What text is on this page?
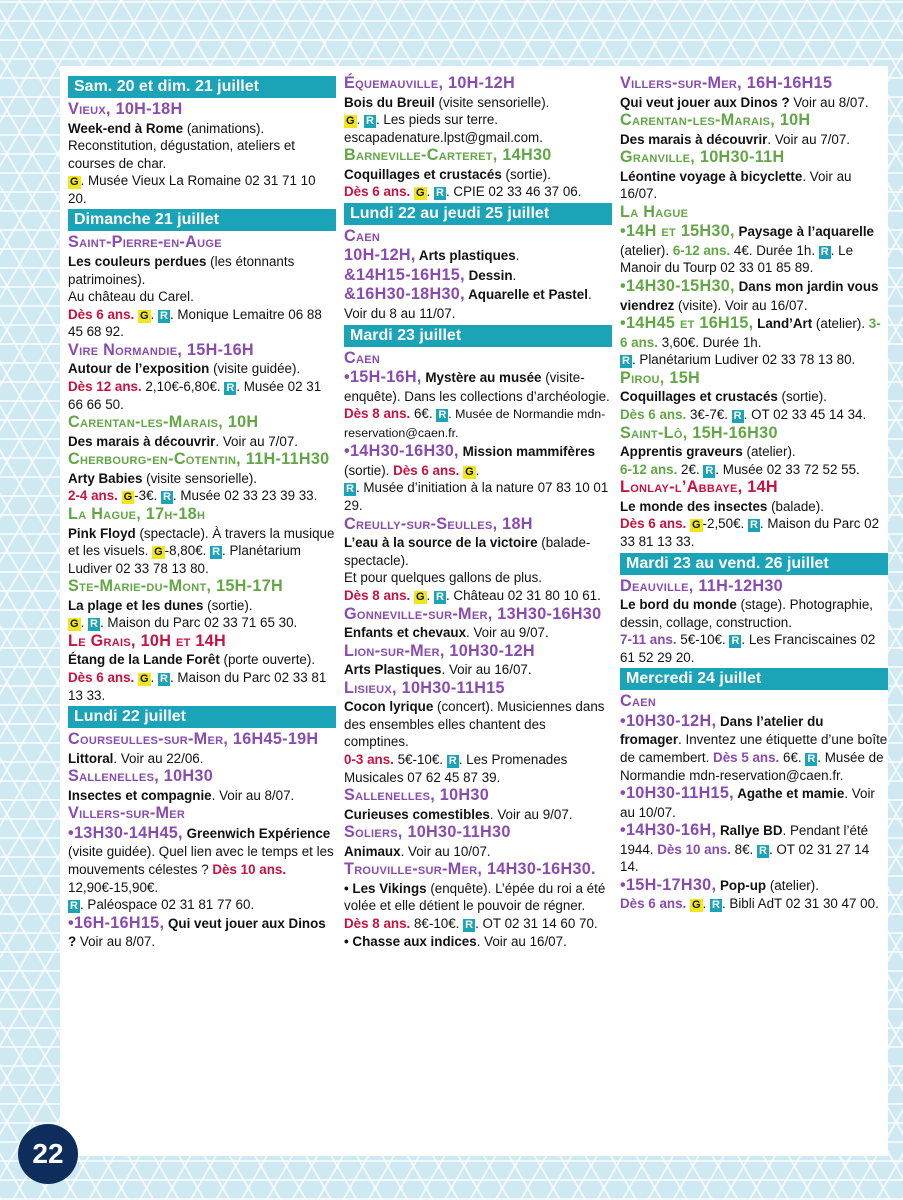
Sam. 20 et dim. 21 juillet
Vieux, 10H-18H

Week-end à Rome (animations). Reconstitution, dégustation, ateliers et courses de char.
G . Musée Vieux La Romaine 02 31 71 10 20.

Dimanche 21 juillet
Saint-Pierre-en-Auge

Les couleurs perdues (les étonnants patrimoines).
Au château du Carel.
Dès 6 ans. G . R . Monique Lemaitre 06 88 45 68 92.

Vire Normandie, 15H-16H

Autour de l’exposition (visite guidée).
Dès 12 ans. 2,10€-6,80€. R . Musée 02 31 66 66 50.

Carentan-les-Marais, 10H

Des marais à découvrir. Voir au 7/07.

Cherbourg-en-Cotentin, 11H-11H30

Arty Babies (visite sensorielle).
2-4 ans. G -3€. R . Musée 02 33 23 39 33.

La Hague, 17h-18h

Pink Floyd (spectacle). À travers la musique et les visuels. G -8,80€. R . Planétarium Ludiver 02 33 78 13 80.

Ste-Marie-du-Mont, 15H-17H

La plage et les dunes (sortie).
G . R . Maison du Parc 02 33 71 65 30.

Le Grais, 10H et 14H

Étang de la Lande Forêt (porte ouverte).
Dès 6 ans. G . R . Maison du Parc 02 33 81 13 33.

Lundi 22 juillet
Courseulles-sur-Mer, 16H45-19H

Littoral. Voir au 22/06.

Sallenelles, 10H30

Insectes et compagnie. Voir au 8/07.

Villers-sur-Mer

•13H30-14H45, Greenwich Expérience (visite guidée). Quel lien avec le temps et les mouvements célestes ? Dès 10 ans. 12,90€-15,90€.
R . Paléospace 02 31 81 77 60.
•16H-16H15, Qui veut jouer aux Dinos ? Voir au 8/07.

Équemauville, 10H-12H

Bois du Breuil (visite sensorielle).
G . R . Les pieds sur terre. escapadenature.lpst@gmail.com.

Barneville-Carteret, 14H30

Coquillages et crustacés (sortie).
Dès 6 ans. G . R . CPIE 02 33 46 37 06.

Lundi 22 au jeudi 25 juillet
Caen

10H-12H, Arts plastiques.
&14H15-16H15, Dessin.
&16H30-18H30, Aquarelle et Pastel.
Voir du 8 au 11/07.

Mardi 23 juillet
Caen

•15H-16H, Mystère au musée (visite-enquête). Dans les collections d’archéologie. Dès 8 ans. 6€. R . Musée de Normandie mdn-reservation@caen.fr.
•14H30-16H30, Mission mammifères (sortie). Dès 6 ans. G .
R . Musée d’initiation à la nature 07 83 10 01 29.

Creully-sur-Seulles, 18H

L’eau à la source de la victoire (balade-spectacle).
Et pour quelques gallons de plus.
Dès 8 ans. G . R . Château 02 31 80 10 61.

Gonneville-sur-Mer, 13H30-16H30

Enfants et chevaux. Voir au 9/07.

Lion-sur-Mer, 10H30-12H

Arts Plastiques. Voir au 16/07.

Lisieux, 10H30-11H15

Cocon lyrique (concert). Musiciennes dans des ensembles elles chantent des comptines.
0-3 ans. 5€-10€. R . Les Promenades Musicales 07 62 45 87 39.

Sallenelles, 10H30

Curieuses comestibles. Voir au 9/07.

Soliers, 10H30-11H30

Animaux. Voir au 10/07.

Trouville-sur-Mer, 14H30-16H30.

• Les Vikings (enquête). L’épée du roi a été volée et elle détient le pouvoir de régner. Dès 8 ans. 8€-10€. R . OT 02 31 14 60 70.
• Chasse aux indices. Voir au 16/07.

Villers-sur-Mer, 16H-16H15

Qui veut jouer aux Dinos ? Voir au 8/07.

Carentan-les-Marais, 10H

Des marais à découvrir. Voir au 7/07.

Granville, 10H30-11H

Léontine voyage à bicyclette. Voir au 16/07.

La Hague

•14H et 15H30, Paysage à l’aquarelle (atelier). 6-12 ans. 4€. Durée 1h. R . Le Manoir du Tourp 02 33 01 85 89.
•14H30-15H30, Dans mon jardin vous viendrez (visite). Voir au 16/07.
•14H45 et 16H15, Land’Art (atelier). 3-6 ans. 3,60€. Durée 1h.
R . Planétarium Ludiver 02 33 78 13 80.

Pirou, 15H

Coquillages et crustacés (sortie).
Dès 6 ans. 3€-7€. R . OT 02 33 45 14 34.

Saint-Lô, 15H-16H30

Apprentis graveurs (atelier).
6-12 ans. 2€. R . Musée 02 33 72 52 55.

Lonlay-l’Abbaye, 14H

Le monde des insectes (balade).
Dès 6 ans. G -2,50€. R . Maison du Parc 02 33 81 13 33.

Mardi 23 au vend. 26 juillet
Deauville, 11H-12H30

Le bord du monde (stage). Photographie, dessin, collage, construction.
7-11 ans. 5€-10€. R . Les Franciscaines 02 61 52 29 20.

Mercredi 24 juillet
Caen

•10H30-12H, Dans l’atelier du fromager. Inventez une étiquette d’une boîte de camembert. Dès 5 ans. 6€. R . Musée de Normandie mdn-reservation@caen.fr.
•10H30-11H15, Agathe et mamie. Voir au 10/07.
•14H30-16H, Rallye BD. Pendant l’été 1944. Dès 10 ans. 8€. R . OT 02 31 27 14 14.
•15H-17H30, Pop-up (atelier).
Dès 6 ans. G . R . Bibli AdT 02 31 30 47 00.

22
